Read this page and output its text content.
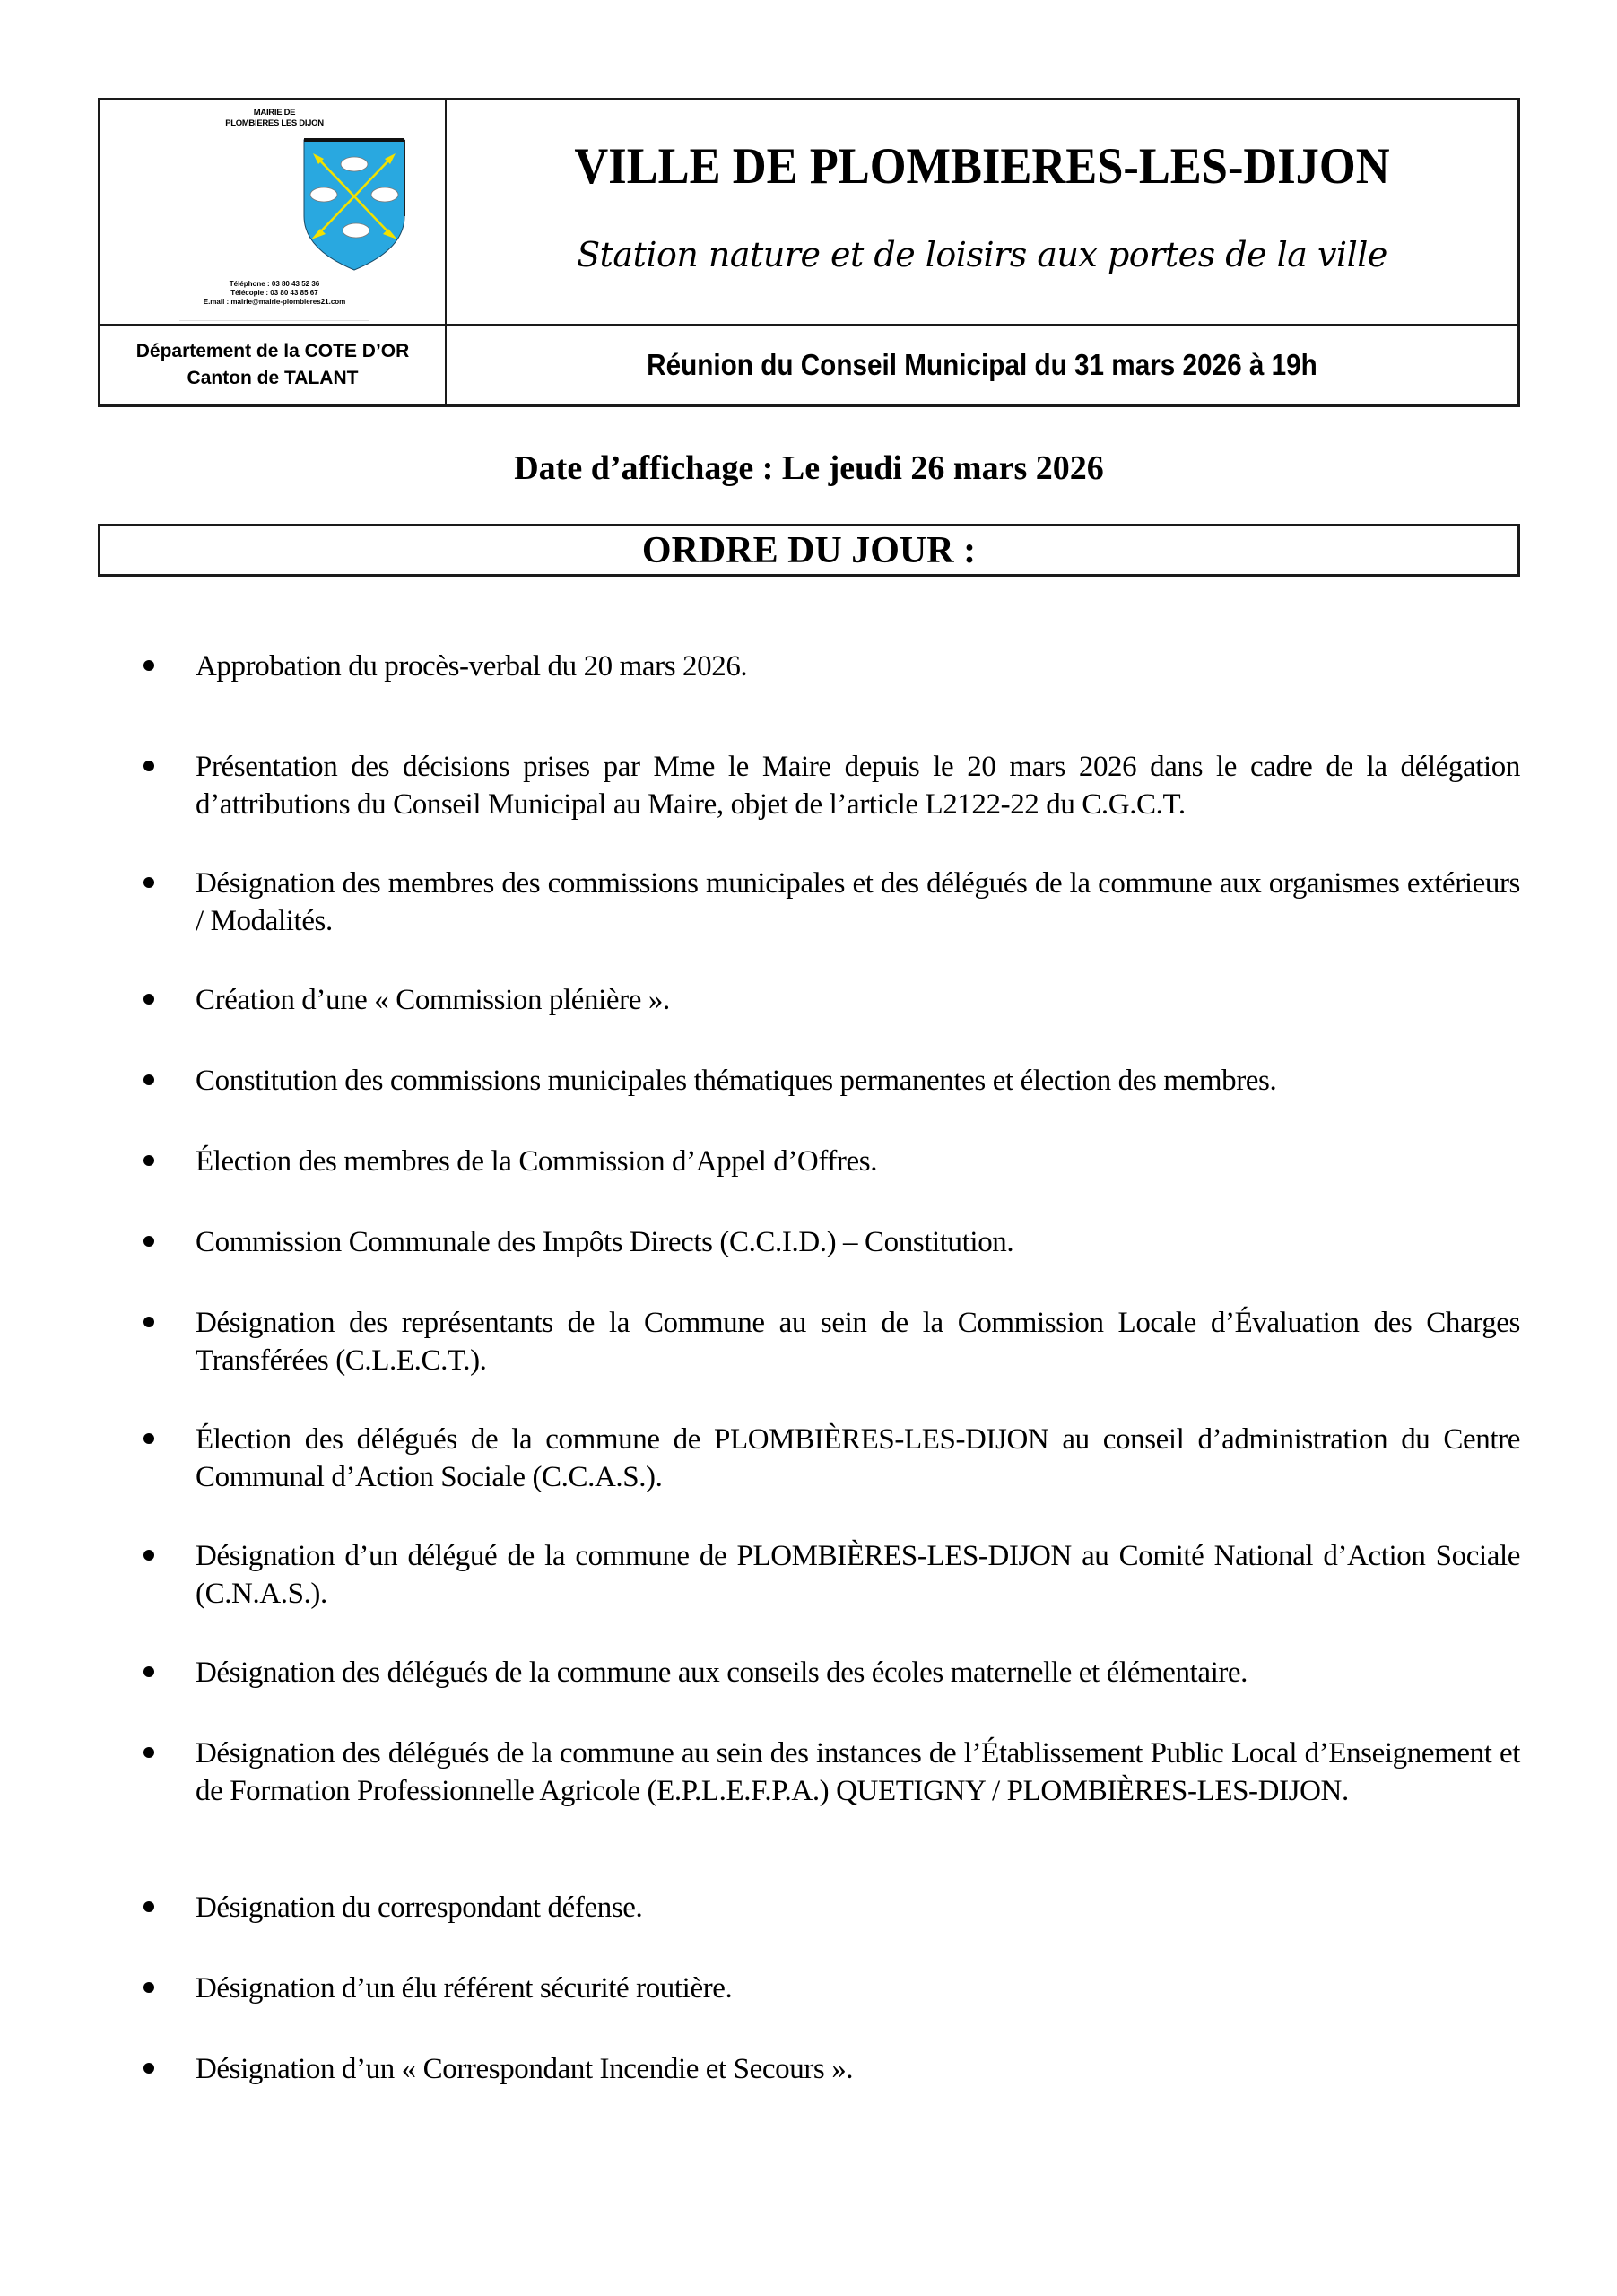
MAIRIE DE
PLOMBIERES LES DIJON
Téléphone : 03 80 43 52 36
Télécopie : 03 80 43 85 67
E.mail : mairie@mairie-plombieres21.com
VILLE DE PLOMBIERES-LES-DIJON
Station nature et de loisirs aux portes de la ville
Département de la COTE D’OR
Canton de TALANT	Réunion du Conseil Municipal du 31 mars 2026 à 19h
Date d’affichage : Le jeudi 26 mars 2026
ORDRE DU JOUR :
Approbation du procès-verbal du 20 mars 2026.
Présentation des décisions prises par Mme le Maire depuis le 20 mars 2026 dans le cadre de la délégation d’attributions du Conseil Municipal au Maire, objet de l’article L2122-22 du C.G.C.T.
Désignation des membres des commissions municipales et des délégués de la commune aux organismes extérieurs / Modalités.
Création d’une « Commission plénière ».
Constitution des commissions municipales thématiques permanentes et élection des membres.
Élection des membres de la Commission d’Appel d’Offres.
Commission Communale des Impôts Directs (C.C.I.D.) – Constitution.
Désignation des représentants de la Commune au sein de la Commission Locale d’Évaluation des Charges Transférées (C.L.E.C.T.).
Élection des délégués de la commune de PLOMBIÈRES-LES-DIJON au conseil d’administration du Centre Communal d’Action Sociale (C.C.A.S.).
Désignation d’un délégué de la commune de PLOMBIÈRES-LES-DIJON au Comité National d’Action Sociale (C.N.A.S.).
Désignation des délégués de la commune aux conseils des écoles maternelle et élémentaire.
Désignation des délégués de la commune au sein des instances de l’Établissement Public Local d’Enseignement et de Formation Professionnelle Agricole (E.P.L.E.F.P.A.) QUETIGNY / PLOMBIÈRES-LES-DIJON.
Désignation du correspondant défense.
Désignation d’un élu référent sécurité routière.
Désignation d’un « Correspondant Incendie et Secours ».
